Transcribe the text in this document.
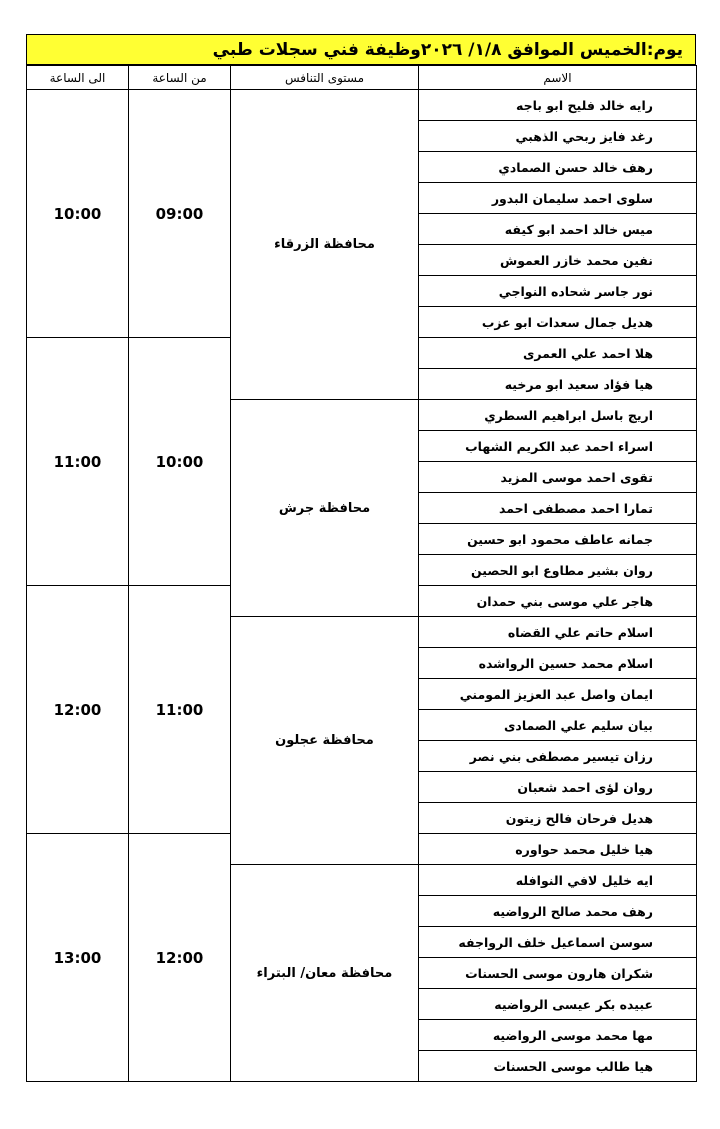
يوم:الخميس الموافق ١/٨/ ٢٠٢٦وظيفة فني سجلات طبي
الاسم	مستوى التنافس	من الساعة	الى الساعة
رايه خالد فليح ابو باجه	محافظة الزرقاء	09:00	10:00
رغد فايز ربحي الذهبي			
رهف خالد حسن الصمادي			
سلوى احمد سليمان البدور			
ميس خالد احمد ابو كيفه			
نفين محمد خازر العموش			
نور جاسر شحاده النواجي			
هديل جمال سعدات ابو عزب			
هلا احمد علي العمرى		10:00	11:00
هيا فؤاد سعيد ابو مرخيه			
اريج باسل ابراهيم السطري	محافظة جرش		
اسراء احمد عبد الكريم الشهاب			
تقوى احمد موسى المزيد			
تمارا احمد مصطفى احمد			
جمانه عاطف محمود ابو حسين			
روان بشير مطاوع ابو الحصين			
هاجر علي موسى بني حمدان		11:00	12:00
اسلام حاتم علي القضاه	محافظة عجلون		
اسلام محمد حسين الرواشده			
ايمان واصل عبد العزيز المومني			
بيان سليم علي الصمادى			
رزان تيسير مصطفى بني نصر			
روان لؤى احمد شعبان			
هديل فرحان فالح زيتون			
هيا خليل محمد حواوره		12:00	13:00
ايه خليل لافي النوافله	محافظة معان/ البتراء		
رهف محمد صالح الرواضيه			
سوسن اسماعيل خلف الرواجفه			
شكران هارون موسى الحسنات			
عبيده بكر عيسى الرواضيه			
مها محمد موسى الرواضيه			
هيا طالب موسى الحسنات			
